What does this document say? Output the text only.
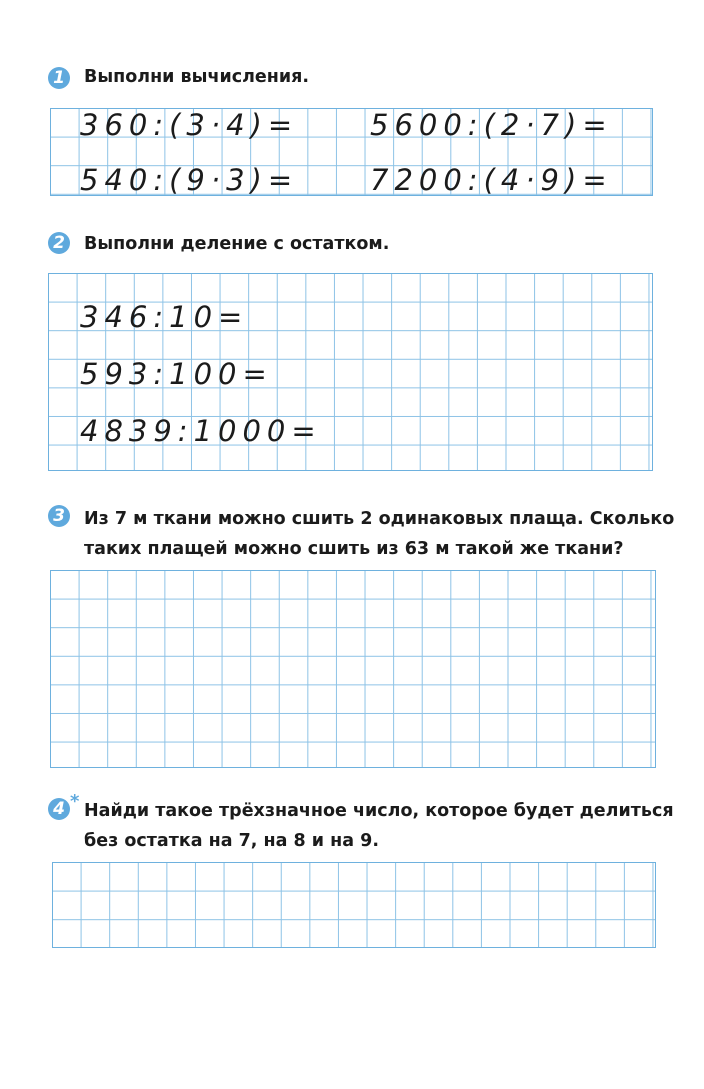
1 Выполни вычисления.
360:(3·4)= 5600:(2·7)=
540:(9·3)= 7200:(4·9)=
2 Выполни деление с остатком.
346:10=
593:100=
4839:1000=
3 Из 7 м ткани можно сшить 2 одинаковых плаща. Сколько
таких плащей можно сшить из 63 м такой же ткани?
4 * Найди такое трёхзначное число, которое будет делиться
без остатка на 7, на 8 и на 9.
